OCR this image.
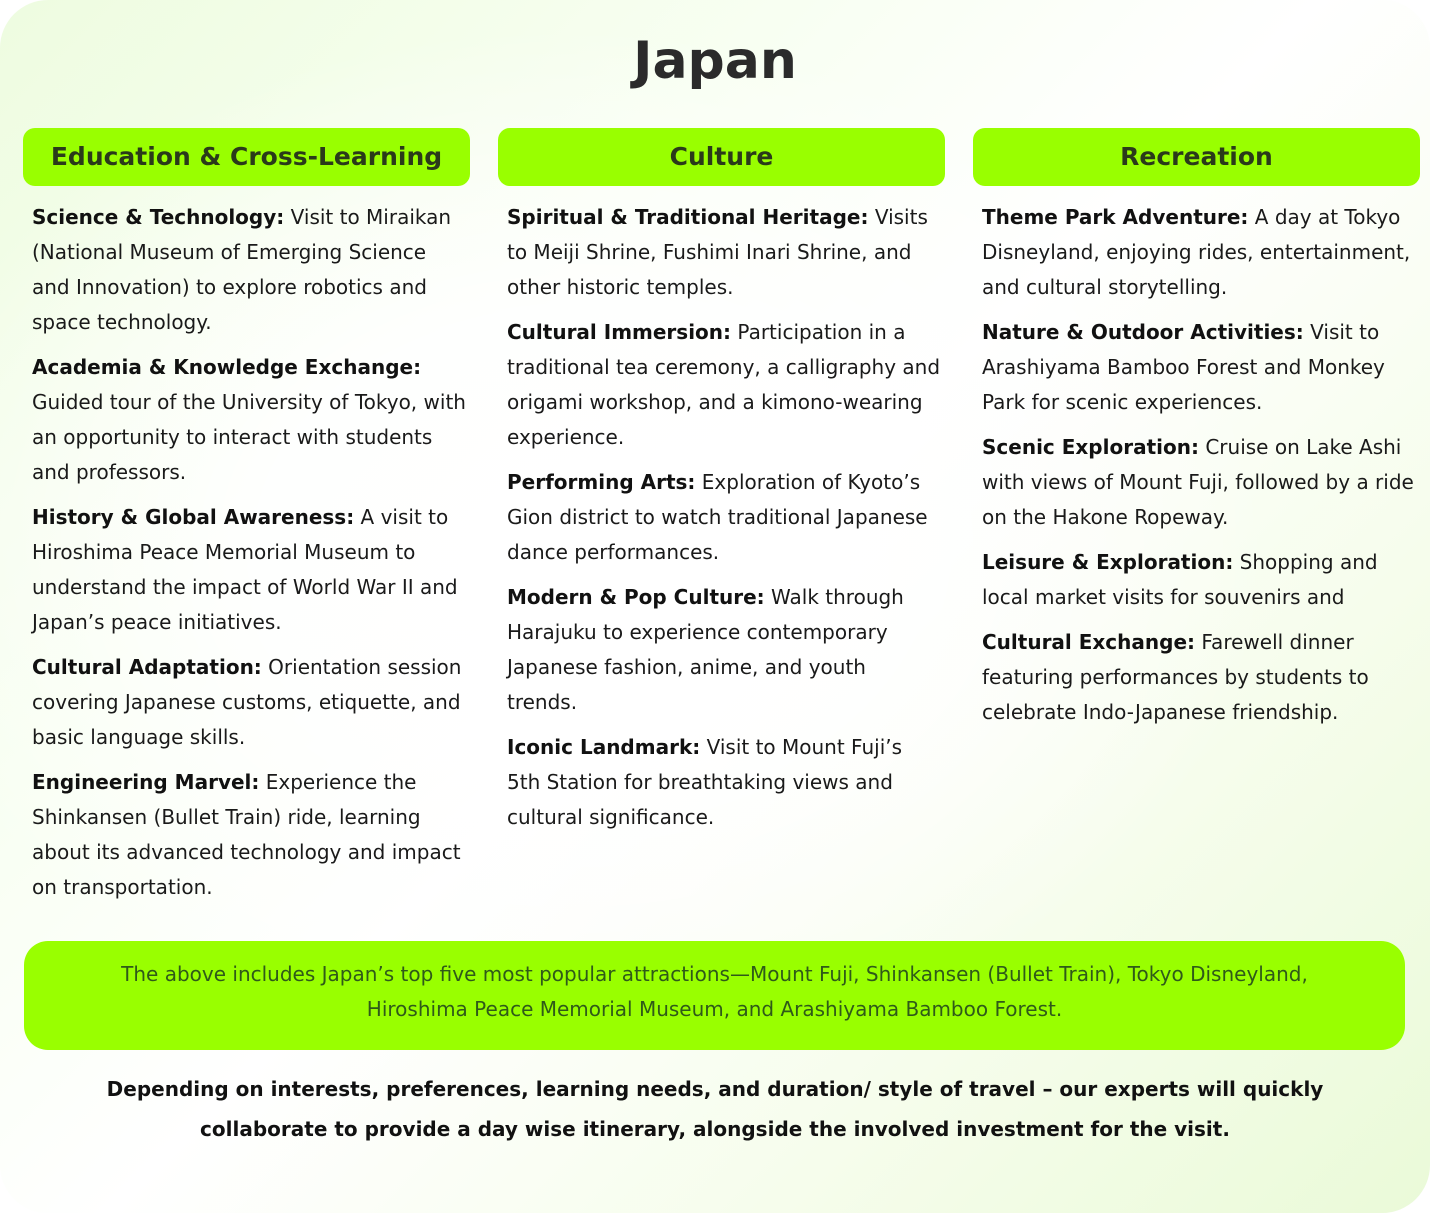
Japan
Education & Cross-Learning
Science & Technology: Visit to Miraikan (National Museum of Emerging Science and Innovation) to explore robotics and space technology.
Academia & Knowledge Exchange: Guided tour of the University of Tokyo, with an opportunity to interact with students and professors.
History & Global Awareness: A visit to Hiroshima Peace Memorial Museum to understand the impact of World War II and Japan’s peace initiatives.
Cultural Adaptation: Orientation session covering Japanese customs, etiquette, and basic language skills.
Engineering Marvel: Experience the Shinkansen (Bullet Train) ride, learning about its advanced technology and impact on transportation.
Culture
Spiritual & Traditional Heritage: Visits to Meiji Shrine, Fushimi Inari Shrine, and other historic temples.
Cultural Immersion: Participation in a traditional tea ceremony, a calligraphy and origami workshop, and a kimono-wearing experience.
Performing Arts: Exploration of Kyoto’s Gion district to watch traditional Japanese dance performances.
Modern & Pop Culture: Walk through Harajuku to experience contemporary Japanese fashion, anime, and youth trends.
Iconic Landmark: Visit to Mount Fuji’s 5th Station for breathtaking views and cultural significance.
Recreation
Theme Park Adventure: A day at Tokyo Disneyland, enjoying rides, entertainment, and cultural storytelling.
Nature & Outdoor Activities: Visit to Arashiyama Bamboo Forest and Monkey Park for scenic experiences.
Scenic Exploration: Cruise on Lake Ashi with views of Mount Fuji, followed by a ride on the Hakone Ropeway.
Leisure & Exploration: Shopping and local market visits for souvenirs and
Cultural Exchange: Farewell dinner featuring performances by students to celebrate Indo-Japanese friendship.
The above includes Japan’s top five most popular attractions—Mount Fuji, Shinkansen (Bullet Train), Tokyo Disneyland, Hiroshima Peace Memorial Museum, and Arashiyama Bamboo Forest.
Depending on interests, preferences, learning needs, and duration/ style of travel – our experts will quickly collaborate to provide a day wise itinerary, alongside the involved investment for the visit.
